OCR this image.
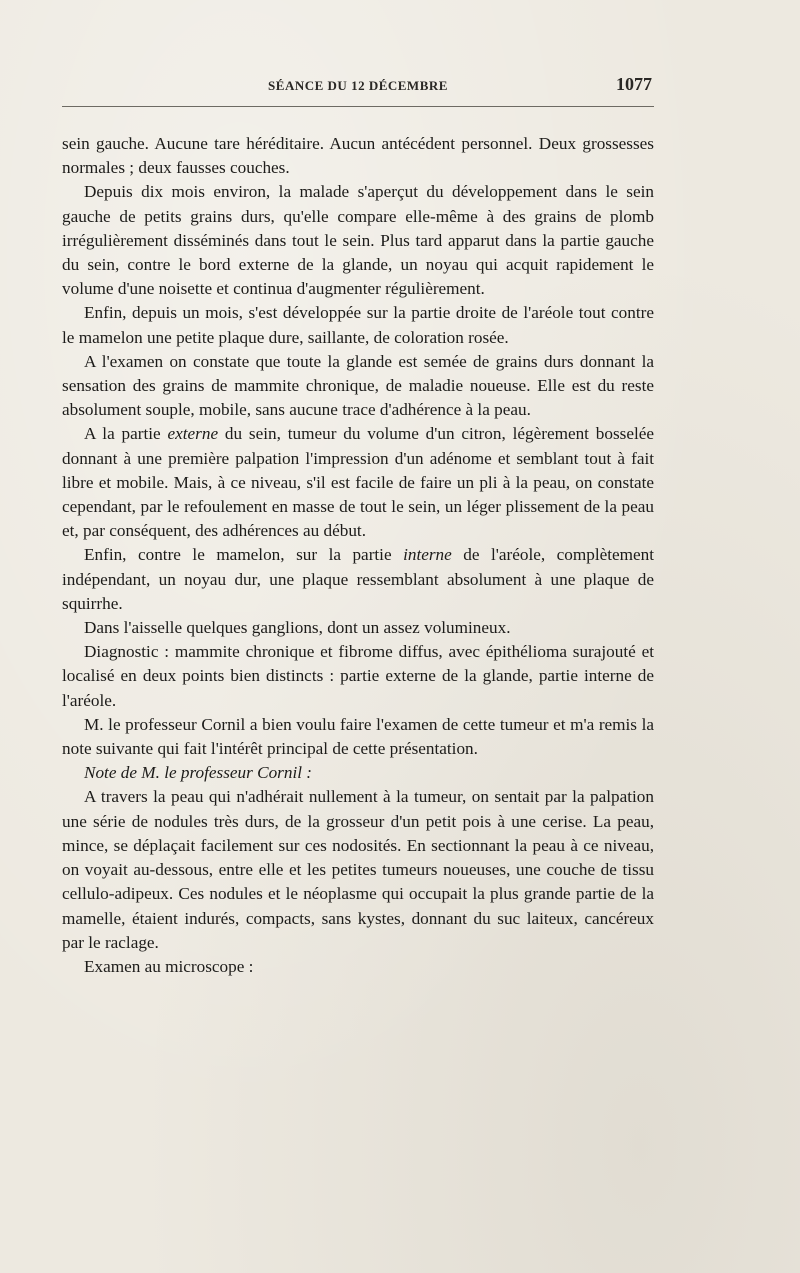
SÉANCE DU 12 DÉCEMBRE	1077

sein gauche. Aucune tare héréditaire. Aucun antécédent personnel. Deux grossesses normales ; deux fausses couches.

Depuis dix mois environ, la malade s'aperçut du développement dans le sein gauche de petits grains durs, qu'elle compare elle-même à des grains de plomb irrégulièrement disséminés dans tout le sein. Plus tard apparut dans la partie gauche du sein, contre le bord externe de la glande, un noyau qui acquit rapidement le volume d'une noisette et continua d'augmenter régulièrement.

Enfin, depuis un mois, s'est développée sur la partie droite de l'aréole tout contre le mamelon une petite plaque dure, saillante, de coloration rosée.

A l'examen on constate que toute la glande est semée de grains durs donnant la sensation des grains de mammite chronique, de maladie noueuse. Elle est du reste absolument souple, mobile, sans aucune trace d'adhérence à la peau.

A la partie externe du sein, tumeur du volume d'un citron, légèrement bosselée donnant à une première palpation l'impression d'un adénome et semblant tout à fait libre et mobile. Mais, à ce niveau, s'il est facile de faire un pli à la peau, on constate cependant, par le refoulement en masse de tout le sein, un léger plissement de la peau et, par conséquent, des adhérences au début.

Enfin, contre le mamelon, sur la partie interne de l'aréole, complètement indépendant, un noyau dur, une plaque ressemblant absolument à une plaque de squirrhe.

Dans l'aisselle quelques ganglions, dont un assez volumineux.

Diagnostic : mammite chronique et fibrome diffus, avec épithélioma surajouté et localisé en deux points bien distincts : partie externe de la glande, partie interne de l'aréole.

M. le professeur Cornil a bien voulu faire l'examen de cette tumeur et m'a remis la note suivante qui fait l'intérêt principal de cette présentation.

Note de M. le professeur Cornil :

A travers la peau qui n'adhérait nullement à la tumeur, on sentait par la palpation une série de nodules très durs, de la grosseur d'un petit pois à une cerise. La peau, mince, se déplaçait facilement sur ces nodosités. En sectionnant la peau à ce niveau, on voyait au-dessous, entre elle et les petites tumeurs noueuses, une couche de tissu cellulo-adipeux. Ces nodules et le néoplasme qui occupait la plus grande partie de la mamelle, étaient indurés, compacts, sans kystes, donnant du suc laiteux, cancéreux par le raclage.

Examen au microscope :
